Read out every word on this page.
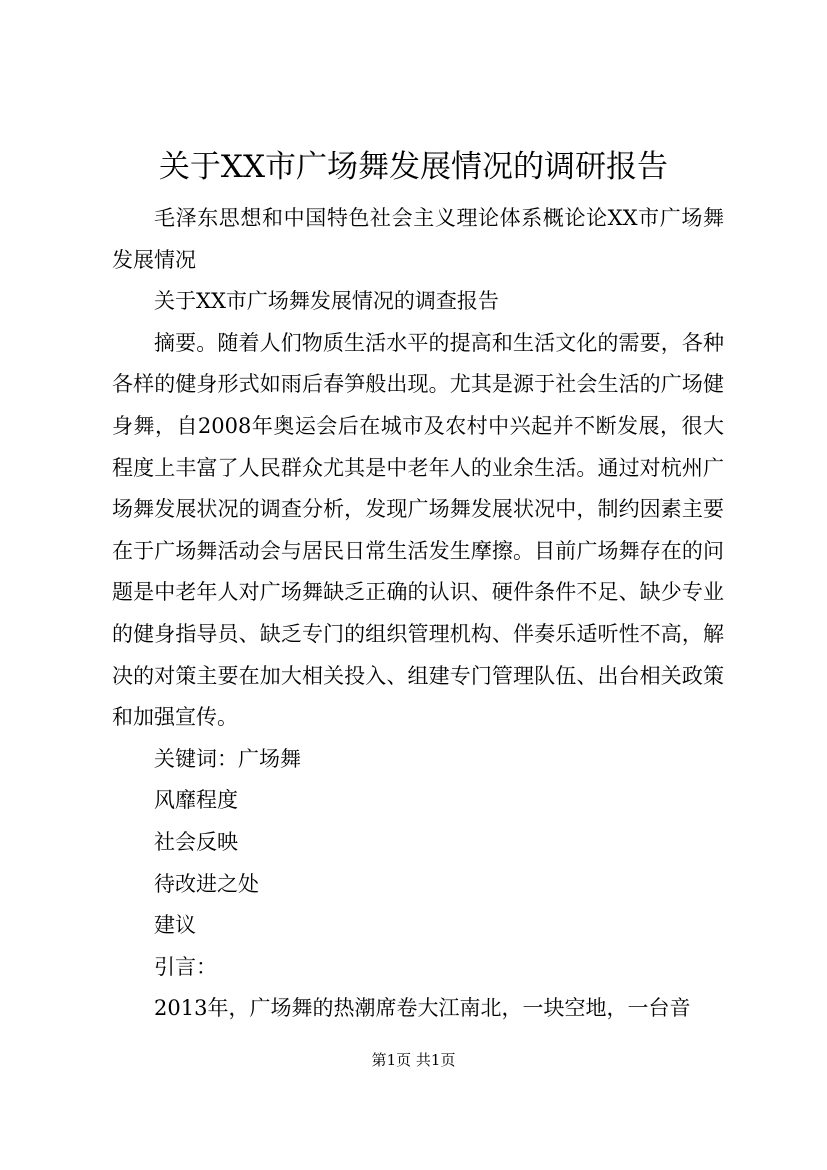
关于XX市广场舞发展情况的调研报告

毛泽东思想和中国特色社会主义理论体系概论论XX市广场舞发展情况

关于XX市广场舞发展情况的调查报告

摘要。随着人们物质生活水平的提高和生活文化的需要，各种各样的健身形式如雨后春笋般出现。尤其是源于社会生活的广场健身舞，自2008年奥运会后在城市及农村中兴起并不断发展，很大程度上丰富了人民群众尤其是中老年人的业余生活。通过对杭州广场舞发展状况的调查分析，发现广场舞发展状况中，制约因素主要在于广场舞活动会与居民日常生活发生摩擦。目前广场舞存在的问题是中老年人对广场舞缺乏正确的认识、硬件条件不足、缺少专业的健身指导员、缺乏专门的组织管理机构、伴奏乐适听性不高，解决的对策主要在加大相关投入、组建专门管理队伍、出台相关政策和加强宣传。

关键词：广场舞

风靡程度

社会反映

待改进之处

建议

引言：

2013年，广场舞的热潮席卷大江南北，一块空地，一台音

第1页 共1页
